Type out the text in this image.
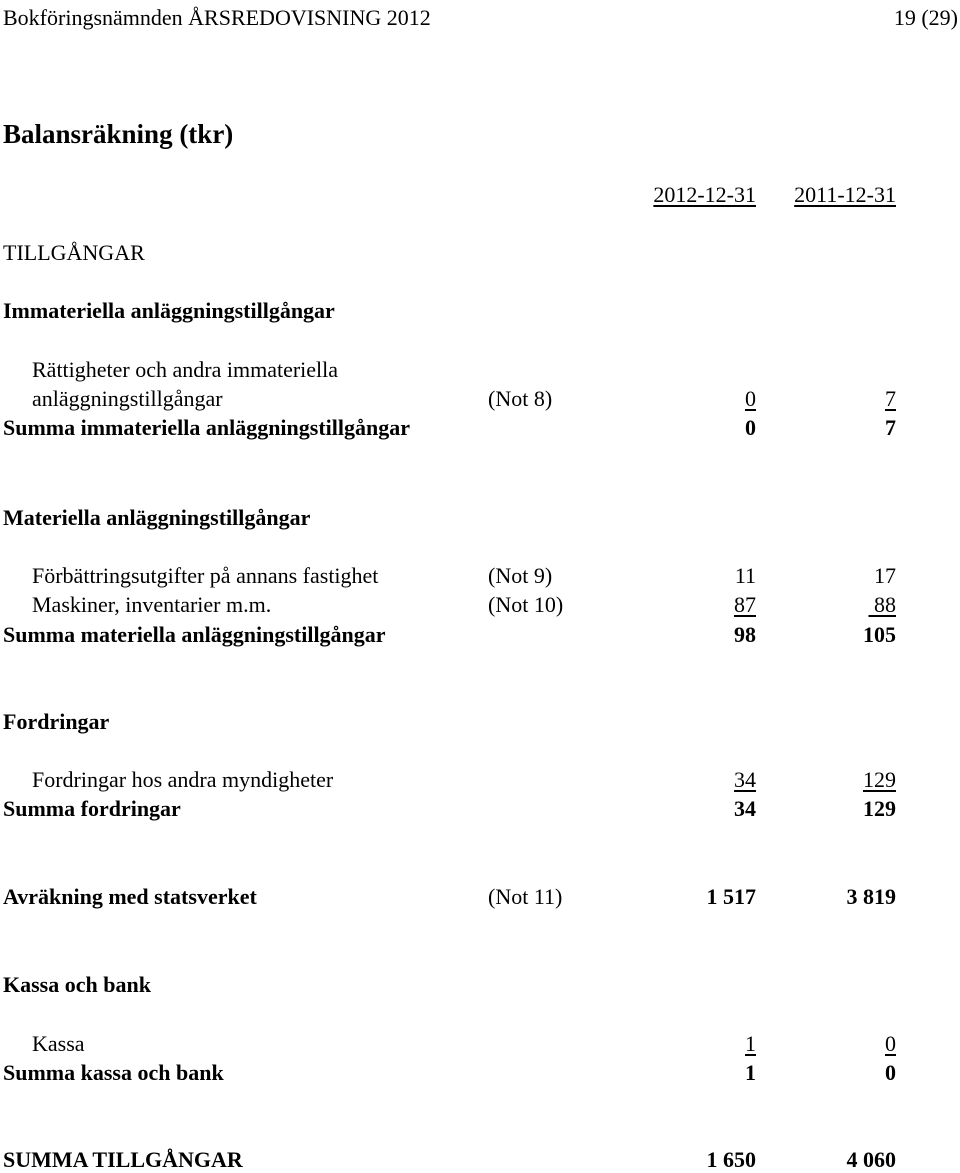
Bokföringsnämnden ÅRSREDOVISNING 2012	19 (29)
Balansräkning (tkr)
2012-12-31	2011-12-31
TILLGÅNGAR
Immateriella anläggningstillgångar
Rättigheter och andra immateriella
anläggningstillgångar	(Not 8)	0	7
Summa immateriella anläggningstillgångar	0	7
Materiella anläggningstillgångar
Förbättringsutgifter på annans fastighet	(Not 9)	11	17
Maskiner, inventarier m.m.	(Not 10)	87	88
Summa materiella anläggningstillgångar	98	105
Fordringar
Fordringar hos andra myndigheter	34	129
Summa fordringar	34	129
Avräkning med statsverket	(Not 11)	1 517	3 819
Kassa och bank
Kassa	1	0
Summa kassa och bank	1	0
SUMMA TILLGÅNGAR	1 650	4 060
